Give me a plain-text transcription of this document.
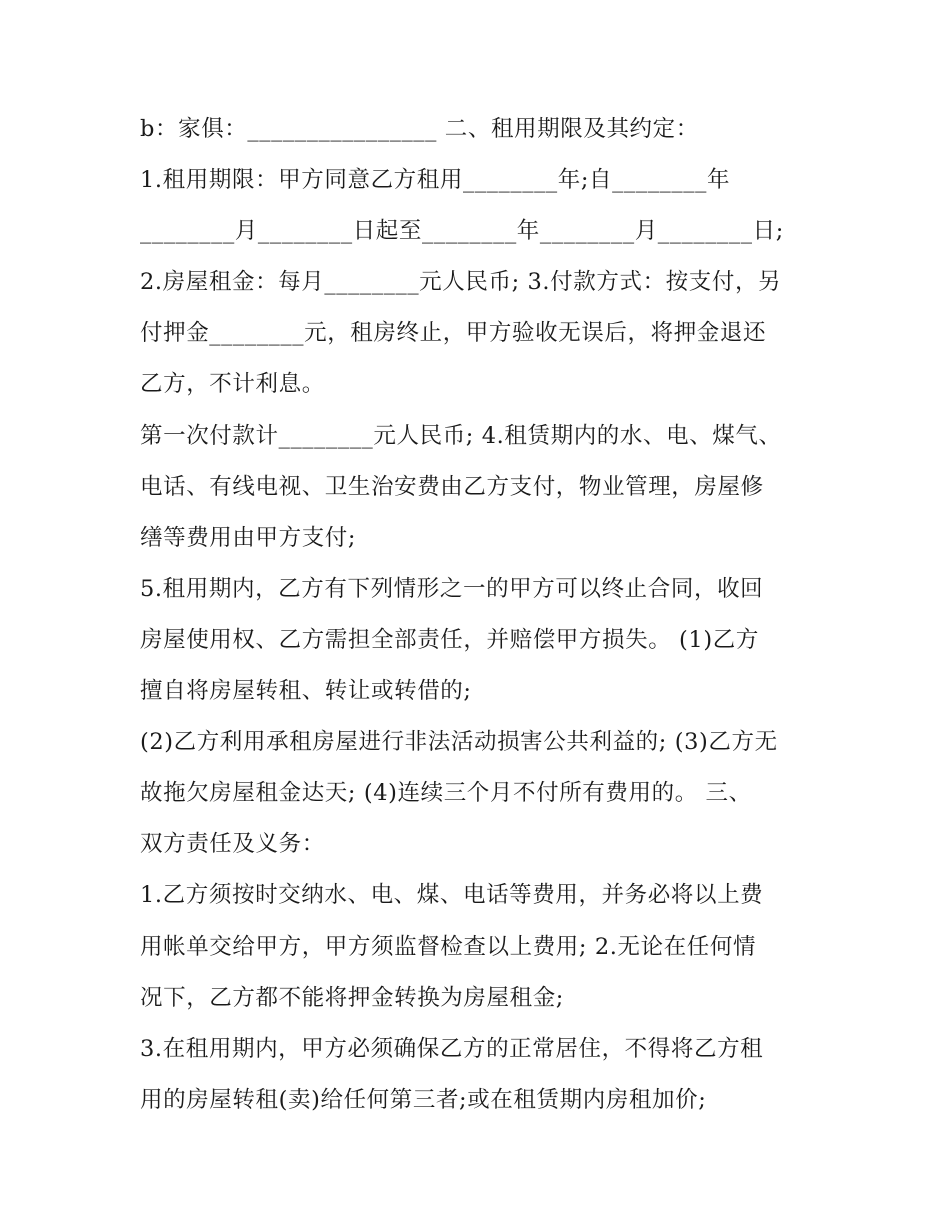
b：家俱：________________ 二、租用期限及其约定：
1.租用期限：甲方同意乙方租用________年;自________年
________月________日起至________年________月________日;
2.房屋租金：每月________元人民币; 3.付款方式：按支付，另
付押金________元，租房终止，甲方验收无误后，将押金退还
乙方，不计利息。
第一次付款计________元人民币; 4.租赁期内的水、电、煤气、
电话、有线电视、卫生治安费由乙方支付，物业管理，房屋修
缮等费用由甲方支付;
5.租用期内，乙方有下列情形之一的甲方可以终止合同，收回
房屋使用权、乙方需担全部责任，并赔偿甲方损失。 (1)乙方
擅自将房屋转租、转让或转借的;
(2)乙方利用承租房屋进行非法活动损害公共利益的; (3)乙方无
故拖欠房屋租金达天; (4)连续三个月不付所有费用的。 三、
双方责任及义务：
1.乙方须按时交纳水、电、煤、电话等费用，并务必将以上费
用帐单交给甲方，甲方须监督检查以上费用; 2.无论在任何情
况下，乙方都不能将押金转换为房屋租金;
3.在租用期内，甲方必须确保乙方的正常居住，不得将乙方租
用的房屋转租(卖)给任何第三者;或在租赁期内房租加价;
